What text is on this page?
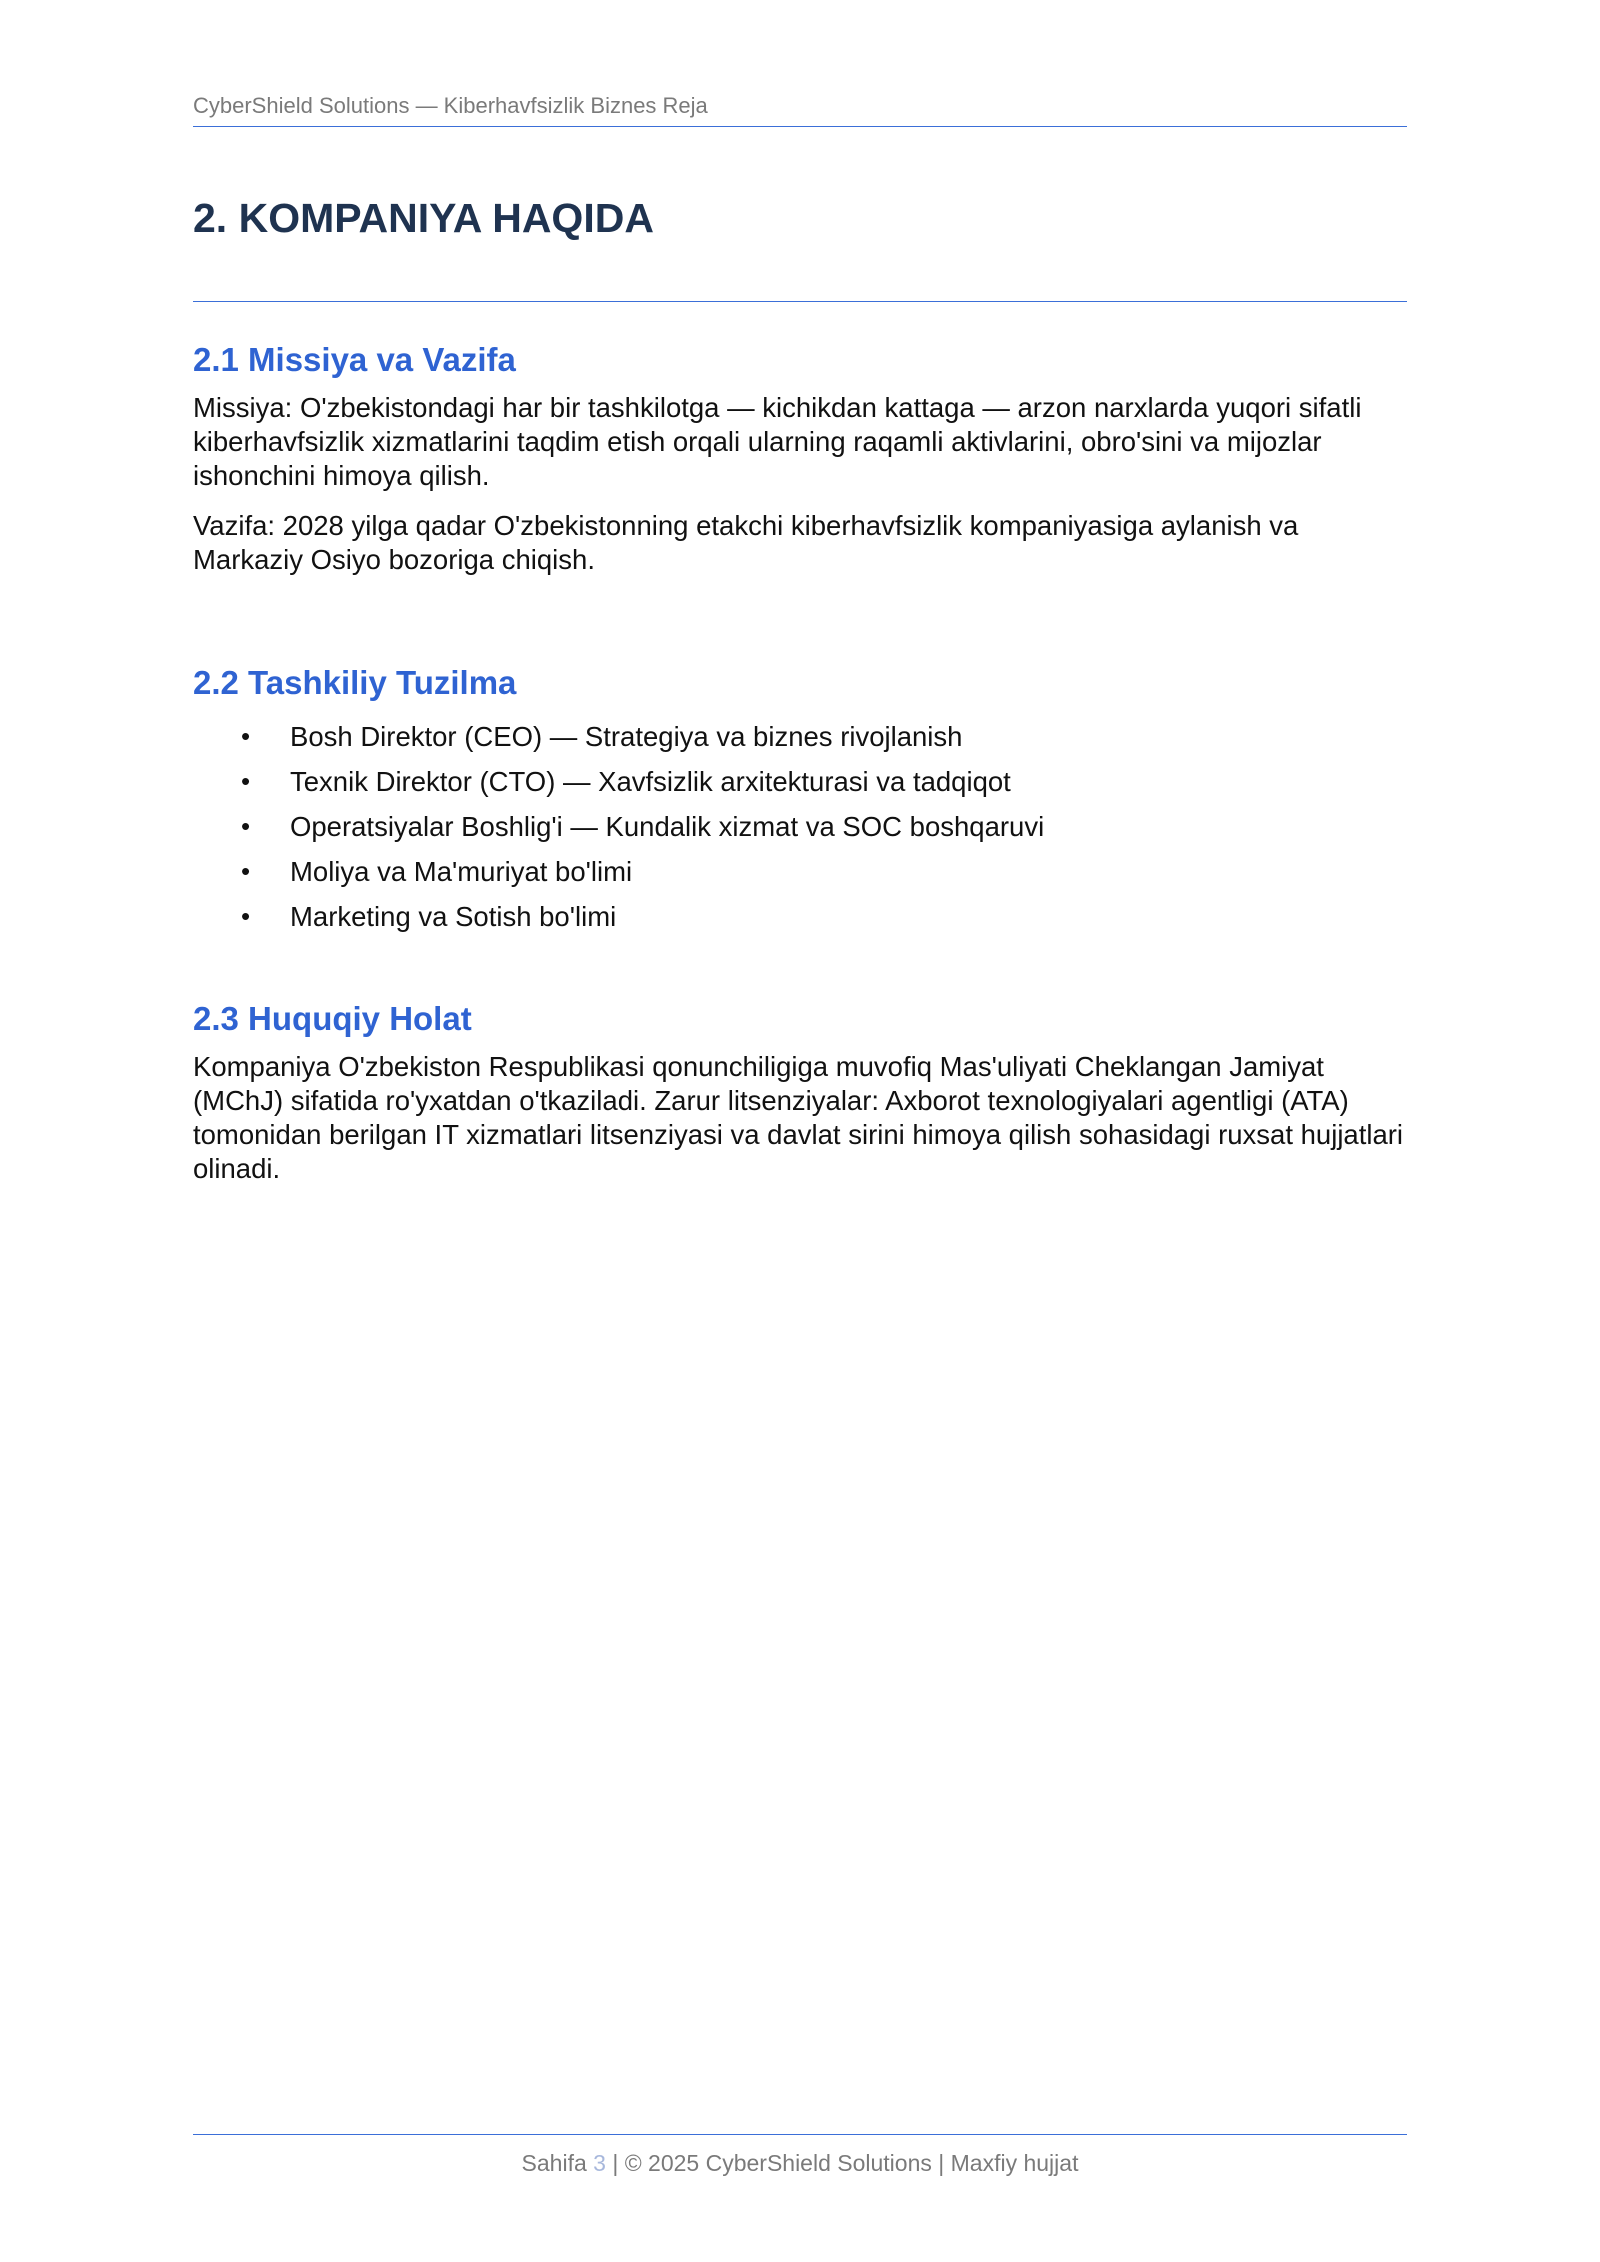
CyberShield Solutions — Kiberhavfsizlik Biznes Reja
2. KOMPANIYA HAQIDA
2.1 Missiya va Vazifa

Missiya: O'zbekistondagi har bir tashkilotga — kichikdan kattaga — arzon narxlarda yuqori sifatli kiberhavfsizlik xizmatlarini taqdim etish orqali ularning raqamli aktivlarini, obro'sini va mijozlar ishonchini himoya qilish.

Vazifa: 2028 yilga qadar O'zbekistonning etakchi kiberhavfsizlik kompaniyasiga aylanish va Markaziy Osiyo bozoriga chiqish.

2.2 Tashkiliy Tuzilma
• Bosh Direktor (CEO) — Strategiya va biznes rivojlanish
• Texnik Direktor (CTO) — Xavfsizlik arxitekturasi va tadqiqot
• Operatsiyalar Boshlig'i — Kundalik xizmat va SOC boshqaruvi
• Moliya va Ma'muriyat bo'limi
• Marketing va Sotish bo'limi
2.3 Huquqiy Holat

Kompaniya O'zbekiston Respublikasi qonunchiligiga muvofiq Mas'uliyati Cheklangan Jamiyat (MChJ) sifatida ro'yxatdan o'tkaziladi. Zarur litsenziyalar: Axborot texnologiyalari agentligi (ATA) tomonidan berilgan IT xizmatlari litsenziyasi va davlat sirini himoya qilish sohasidagi ruxsat hujjatlari olinadi.

Sahifa 3 | © 2025 CyberShield Solutions | Maxfiy hujjat
